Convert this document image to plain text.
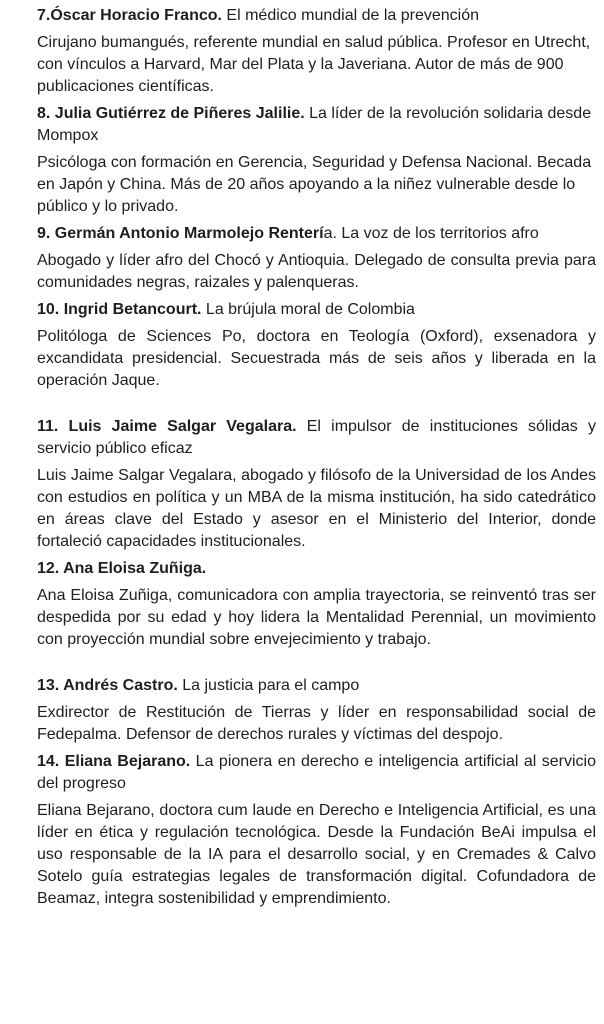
7.Óscar Horacio Franco. El médico mundial de la prevención

Cirujano bumangués, referente mundial en salud pública. Profesor en Utrecht, con vínculos a Harvard, Mar del Plata y la Javeriana. Autor de más de 900 publicaciones científicas.

8. Julia Gutiérrez de Piñeres Jalilie. La líder de la revolución solidaria desde Mompox

Psicóloga con formación en Gerencia, Seguridad y Defensa Nacional. Becada en Japón y China. Más de 20 años apoyando a la niñez vulnerable desde lo público y lo privado.

9. Germán Antonio Marmolejo Rentería. La voz de los territorios afro

Abogado y líder afro del Chocó y Antioquia. Delegado de consulta previa para comunidades negras, raizales y palenqueras.

10. Ingrid Betancourt. La brújula moral de Colombia

Politóloga de Sciences Po, doctora en Teología (Oxford), exsenadora y excandidata presidencial. Secuestrada más de seis años y liberada en la operación Jaque.

11. Luis Jaime Salgar Vegalara. El impulsor de instituciones sólidas y servicio público eficaz

Luis Jaime Salgar Vegalara, abogado y filósofo de la Universidad de los Andes con estudios en política y un MBA de la misma institución, ha sido catedrático en áreas clave del Estado y asesor en el Ministerio del Interior, donde fortaleció capacidades institucionales.

12. Ana Eloisa Zuñiga.

Ana Eloisa Zuñiga, comunicadora con amplia trayectoria, se reinventó tras ser despedida por su edad y hoy lidera la Mentalidad Perennial, un movimiento con proyección mundial sobre envejecimiento y trabajo.

13. Andrés Castro. La justicia para el campo

Exdirector de Restitución de Tierras y líder en responsabilidad social de Fedepalma. Defensor de derechos rurales y víctimas del despojo.

14. Eliana Bejarano. La pionera en derecho e inteligencia artificial al servicio del progreso

Eliana Bejarano, doctora cum laude en Derecho e Inteligencia Artificial, es una líder en ética y regulación tecnológica. Desde la Fundación BeAi impulsa el uso responsable de la IA para el desarrollo social, y en Cremades & Calvo Sotelo guía estrategias legales de transformación digital. Cofundadora de Beamaz, integra sostenibilidad y emprendimiento.
